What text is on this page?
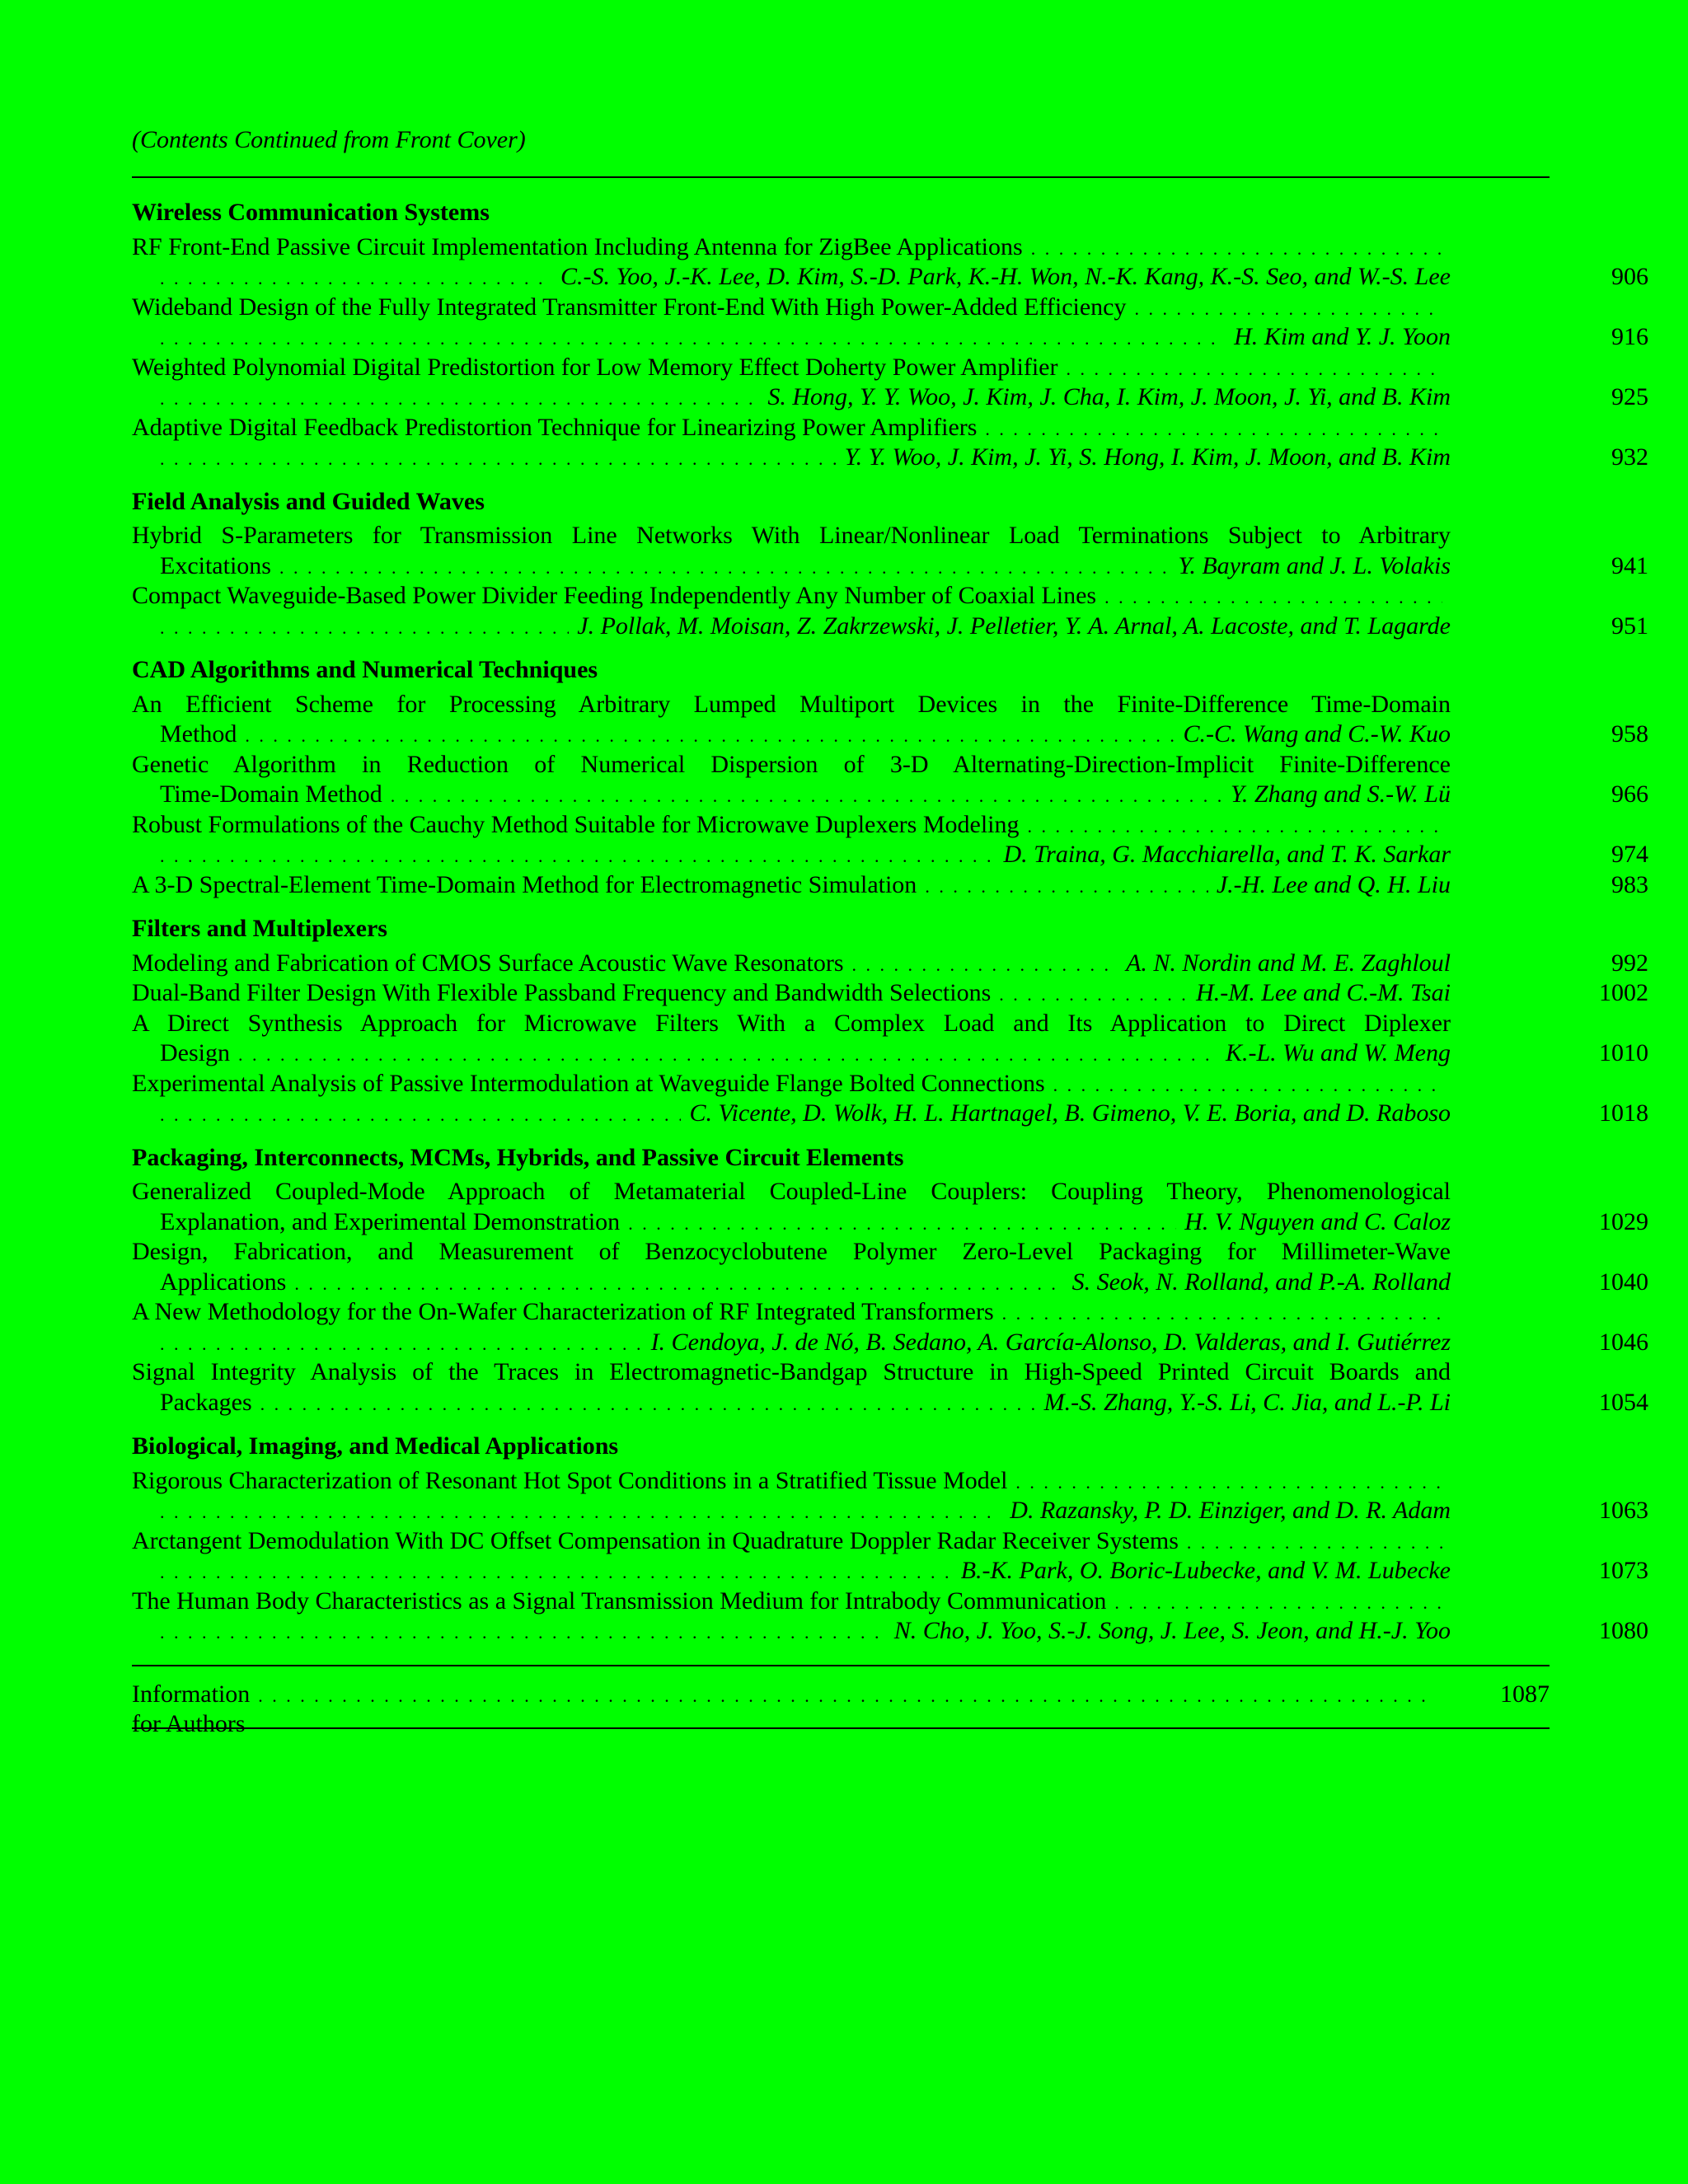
(Contents Continued from Front Cover)
Wireless Communication Systems
RF Front-End Passive Circuit Implementation Including Antenna for ZigBee Applications
. . .
. . .
C.-S. Yoo, J.-K. Lee, D. Kim, S.-D. Park, K.-H. Won, N.-K. Kang, K.-S. Seo, and W.-S. Lee	906
Wideband Design of the Fully Integrated Transmitter Front-End With High Power-Added Efficiency
. . .
. . .
H. Kim and Y. J. Yoon	916
Weighted Polynomial Digital Predistortion for Low Memory Effect Doherty Power Amplifier
. . .
. . .
S. Hong, Y. Y. Woo, J. Kim, J. Cha, I. Kim, J. Moon, J. Yi, and B. Kim	925
Adaptive Digital Feedback Predistortion Technique for Linearizing Power Amplifiers
. . .
. . .
Y. Y. Woo, J. Kim, J. Yi, S. Hong, I. Kim, J. Moon, and B. Kim	932
Field Analysis and Guided Waves
Hybrid S-Parameters for Transmission Line Networks With Linear/Nonlinear Load Terminations Subject to Arbitrary
Excitations . . .	Y. Bayram and J. L. Volakis	941
Compact Waveguide-Based Power Divider Feeding Independently Any Number of Coaxial Lines
. . .
. . .
J. Pollak, M. Moisan, Z. Zakrzewski, J. Pelletier, Y. A. Arnal, A. Lacoste, and T. Lagarde	951
CAD Algorithms and Numerical Techniques
An Efficient Scheme for Processing Arbitrary Lumped Multiport Devices in the Finite-Difference Time-Domain
Method . . .	C.-C. Wang and C.-W. Kuo	958
Genetic Algorithm in Reduction of Numerical Dispersion of 3-D Alternating-Direction-Implicit Finite-Difference
Time-Domain Method . . .	Y. Zhang and S.-W. Lü	966
Robust Formulations of the Cauchy Method Suitable for Microwave Duplexers Modeling
. . .
. . .
D. Traina, G. Macchiarella, and T. K. Sarkar	974
A 3-D Spectral-Element Time-Domain Method for Electromagnetic Simulation . . .	J.-H. Lee and Q. H. Liu	983
Filters and Multiplexers
Modeling and Fabrication of CMOS Surface Acoustic Wave Resonators . . .	A. N. Nordin and M. E. Zaghloul	992
Dual-Band Filter Design With Flexible Passband Frequency and Bandwidth Selections . . .	H.-M. Lee and C.-M. Tsai	1002
A Direct Synthesis Approach for Microwave Filters With a Complex Load and Its Application to Direct Diplexer
Design . . .	K.-L. Wu and W. Meng	1010
Experimental Analysis of Passive Intermodulation at Waveguide Flange Bolted Connections
. . .
. . .
C. Vicente, D. Wolk, H. L. Hartnagel, B. Gimeno, V. E. Boria, and D. Raboso	1018
Packaging, Interconnects, MCMs, Hybrids, and Passive Circuit Elements
Generalized Coupled-Mode Approach of Metamaterial Coupled-Line Couplers: Coupling Theory, Phenomenological
Explanation, and Experimental Demonstration . . .	H. V. Nguyen and C. Caloz	1029
Design, Fabrication, and Measurement of Benzocyclobutene Polymer Zero-Level Packaging for Millimeter-Wave
Applications . . .	S. Seok, N. Rolland, and P.-A. Rolland	1040
A New Methodology for the On-Wafer Characterization of RF Integrated Transformers
. . .
. . .
I. Cendoya, J. de Nó, B. Sedano, A. García-Alonso, D. Valderas, and I. Gutiérrez	1046
Signal Integrity Analysis of the Traces in Electromagnetic-Bandgap Structure in High-Speed Printed Circuit Boards and
Packages . . .	M.-S. Zhang, Y.-S. Li, C. Jia, and L.-P. Li	1054
Biological, Imaging, and Medical Applications
Rigorous Characterization of Resonant Hot Spot Conditions in a Stratified Tissue Model
. . .
. . .
D. Razansky, P. D. Einziger, and D. R. Adam	1063
Arctangent Demodulation With DC Offset Compensation in Quadrature Doppler Radar Receiver Systems
. . .
. . .
B.-K. Park, O. Boric-Lubecke, and V. M. Lubecke	1073
The Human Body Characteristics as a Signal Transmission Medium for Intrabody Communication
. . .
. . .
N. Cho, J. Yoo, S.-J. Song, J. Lee, S. Jeon, and H.-J. Yoo	1080
Information for Authors
. . .
1087
